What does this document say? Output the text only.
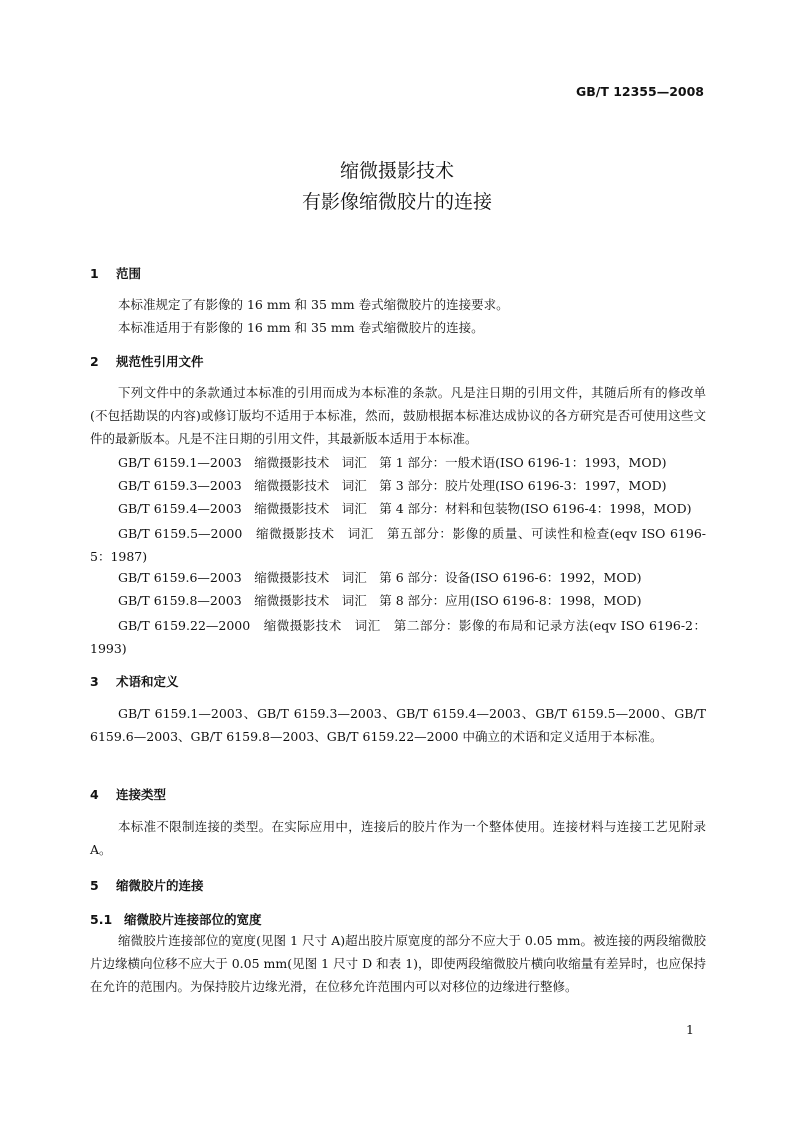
GB/T 12355—2008
缩微摄影技术
有影像缩微胶片的连接
1 范围
本标准规定了有影像的 16 mm 和 35 mm 卷式缩微胶片的连接要求。
本标准适用于有影像的 16 mm 和 35 mm 卷式缩微胶片的连接。
2 规范性引用文件
下列文件中的条款通过本标准的引用而成为本标准的条款。凡是注日期的引用文件，其随后所有的修改单(不包括勘误的内容)或修订版均不适用于本标准，然而，鼓励根据本标准达成协议的各方研究是否可使用这些文件的最新版本。凡是不注日期的引用文件，其最新版本适用于本标准。
GB/T 6159.1—2003　缩微摄影技术　词汇　第 1 部分：一般术语(ISO 6196-1：1993，MOD)
GB/T 6159.3—2003　缩微摄影技术　词汇　第 3 部分：胶片处理(ISO 6196-3：1997，MOD)
GB/T 6159.4—2003　缩微摄影技术　词汇　第 4 部分：材料和包装物(ISO 6196-4：1998，MOD)
GB/T 6159.5—2000　缩微摄影技术　词汇　第五部分：影像的质量、可读性和检查(eqv ISO 6196-5：1987)
GB/T 6159.6—2003　缩微摄影技术　词汇　第 6 部分：设备(ISO 6196-6：1992，MOD)
GB/T 6159.8—2003　缩微摄影技术　词汇　第 8 部分：应用(ISO 6196-8：1998，MOD)
GB/T 6159.22—2000　缩微摄影技术　词汇　第二部分：影像的布局和记录方法(eqv ISO 6196-2：1993)
3 术语和定义
GB/T 6159.1—2003、GB/T 6159.3—2003、GB/T 6159.4—2003、GB/T 6159.5—2000、GB/T 6159.6—2003、GB/T 6159.8—2003、GB/T 6159.22—2000 中确立的术语和定义适用于本标准。
4 连接类型
本标准不限制连接的类型。在实际应用中，连接后的胶片作为一个整体使用。连接材料与连接工艺见附录 A。
5 缩微胶片的连接
5.1 缩微胶片连接部位的宽度
缩微胶片连接部位的宽度(见图 1 尺寸 A)超出胶片原宽度的部分不应大于 0.05 mm。被连接的两段缩微胶片边缘横向位移不应大于 0.05 mm(见图 1 尺寸 D 和表 1)，即使两段缩微胶片横向收缩量有差异时，也应保持在允许的范围内。为保持胶片边缘光滑，在位移允许范围内可以对移位的边缘进行整修。
1
